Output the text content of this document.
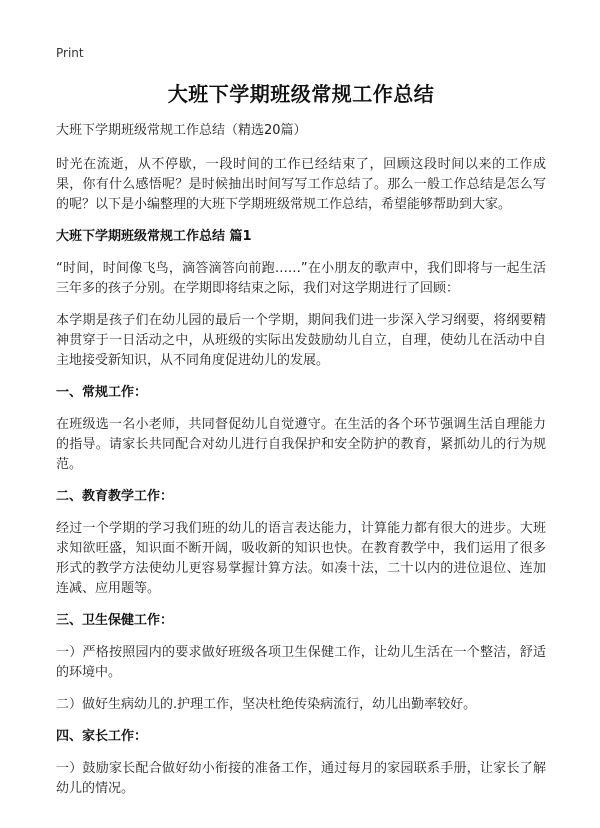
Print
大班下学期班级常规工作总结
大班下学期班级常规工作总结（精选20篇）

时光在流逝，从不停歇，一段时间的工作已经结束了，回顾这段时间以来的工作成果，你有什么感悟呢？是时候抽出时间写写工作总结了。那么一般工作总结是怎么写的呢？以下是小编整理的大班下学期班级常规工作总结，希望能够帮助到大家。

大班下学期班级常规工作总结 篇1

“时间，时间像飞鸟，滴答滴答向前跑……”在小朋友的歌声中，我们即将与一起生活三年多的孩子分别。在学期即将结束之际，我们对这学期进行了回顾：

本学期是孩子们在幼儿园的最后一个学期，期间我们进一步深入学习纲要，将纲要精神贯穿于一日活动之中，从班级的实际出发鼓励幼儿自立，自理，使幼儿在活动中自主地接受新知识，从不同角度促进幼儿的发展。

一、常规工作：

在班级选一名小老师，共同督促幼儿自觉遵守。在生活的各个环节强调生活自理能力的指导。请家长共同配合对幼儿进行自我保护和安全防护的教育，紧抓幼儿的行为规范。

二、教育教学工作：

经过一个学期的学习我们班的幼儿的语言表达能力，计算能力都有很大的进步。大班求知欲旺盛，知识面不断开阔，吸收新的知识也快。在教育教学中，我们运用了很多形式的教学方法使幼儿更容易掌握计算方法。如凑十法，二十以内的进位退位、连加连减、应用题等。

三、卫生保健工作：

一）严格按照园内的要求做好班级各项卫生保健工作，让幼儿生活在一个整洁，舒适的环境中。

二）做好生病幼儿的.护理工作，坚决杜绝传染病流行，幼儿出勤率较好。

四、家长工作：

一）鼓励家长配合做好幼小衔接的准备工作，通过每月的家园联系手册，让家长了解幼儿的情况。
